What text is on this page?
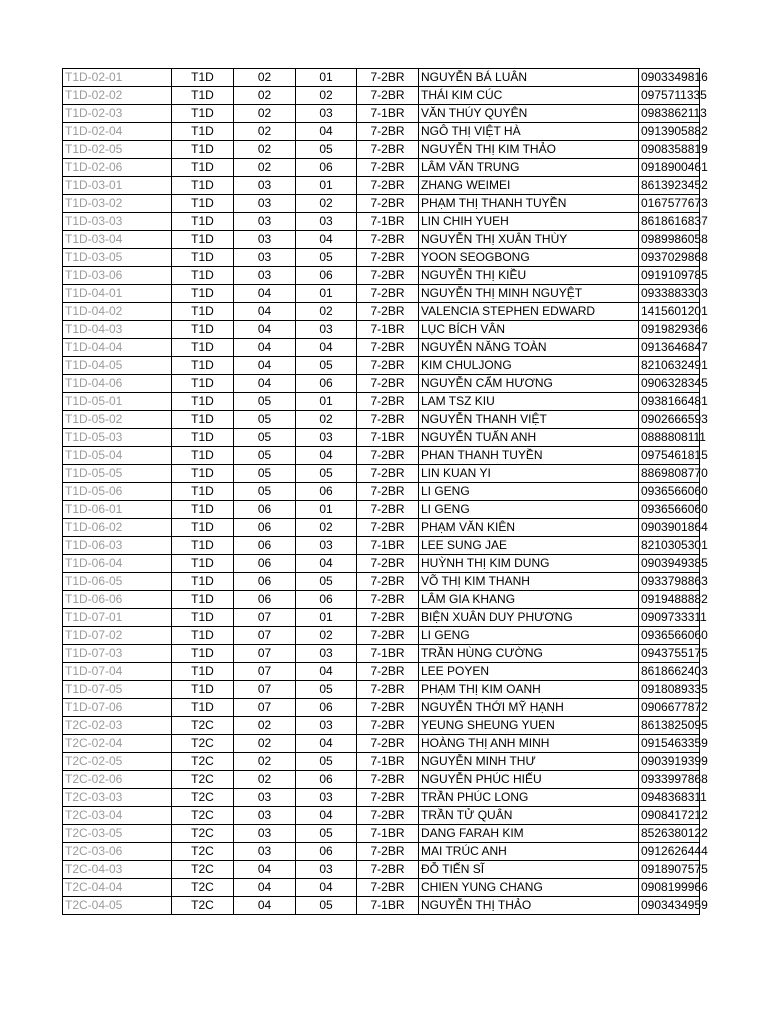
T1D-02-01	T1D	02	01	7-2BR	NGUYỄN BÁ LUÂN	0903349816
T1D-02-02	T1D	02	02	7-2BR	THÁI KIM CÚC	0975711335
T1D-02-03	T1D	02	03	7-1BR	VĂN THÚY QUYÊN	0983862113
T1D-02-04	T1D	02	04	7-2BR	NGÔ THỊ VIỆT HÀ	0913905882
T1D-02-05	T1D	02	05	7-2BR	NGUYỄN THỊ KIM THẢO	0908358819
T1D-02-06	T1D	02	06	7-2BR	LÂM VĂN TRUNG	0918900461
T1D-03-01	T1D	03	01	7-2BR	ZHANG WEIMEI	8613923452
T1D-03-02	T1D	03	02	7-2BR	PHẠM THỊ THANH TUYỀN	0167577673
T1D-03-03	T1D	03	03	7-1BR	LIN CHIH YUEH	8618616837
T1D-03-04	T1D	03	04	7-2BR	NGUYỄN THỊ XUÂN THÙY	0989986058
T1D-03-05	T1D	03	05	7-2BR	YOON SEOGBONG	0937029868
T1D-03-06	T1D	03	06	7-2BR	NGUYỄN THỊ KIỀU	0919109785
T1D-04-01	T1D	04	01	7-2BR	NGUYỄN THỊ MINH NGUYỆT	0933883303
T1D-04-02	T1D	04	02	7-2BR	VALENCIA STEPHEN EDWARD	1415601201
T1D-04-03	T1D	04	03	7-1BR	LỤC BÍCH VÂN	0919829366
T1D-04-04	T1D	04	04	7-2BR	NGUYỄN NĂNG TOÀN	0913646847
T1D-04-05	T1D	04	05	7-2BR	KIM CHULJONG	8210632491
T1D-04-06	T1D	04	06	7-2BR	NGUYỄN CẨM HƯƠNG	0906328345
T1D-05-01	T1D	05	01	7-2BR	LAM TSZ KIU	0938166481
T1D-05-02	T1D	05	02	7-2BR	NGUYỄN THANH VIỆT	0902666593
T1D-05-03	T1D	05	03	7-1BR	NGUYỄN TUẤN ANH	0888808111
T1D-05-04	T1D	05	04	7-2BR	PHAN THANH TUYỀN	0975461815
T1D-05-05	T1D	05	05	7-2BR	LIN KUAN YI	8869808770
T1D-05-06	T1D	05	06	7-2BR	LI GENG	0936566060
T1D-06-01	T1D	06	01	7-2BR	LI GENG	0936566060
T1D-06-02	T1D	06	02	7-2BR	PHẠM VĂN KIÊN	0903901864
T1D-06-03	T1D	06	03	7-1BR	LEE SUNG JAE	8210305301
T1D-06-04	T1D	06	04	7-2BR	HUỲNH THỊ KIM DUNG	0903949385
T1D-06-05	T1D	06	05	7-2BR	VÕ THỊ KIM THANH	0933798863
T1D-06-06	T1D	06	06	7-2BR	LÂM GIA KHANG	0919488882
T1D-07-01	T1D	07	01	7-2BR	BIỆN XUÂN DUY PHƯƠNG	0909733311
T1D-07-02	T1D	07	02	7-2BR	LI GENG	0936566060
T1D-07-03	T1D	07	03	7-1BR	TRẦN HÙNG CƯỜNG	0943755175
T1D-07-04	T1D	07	04	7-2BR	LEE POYEN	8618662403
T1D-07-05	T1D	07	05	7-2BR	PHẠM THỊ KIM OANH	0918089335
T1D-07-06	T1D	07	06	7-2BR	NGUYỄN THỚI MỸ HẠNH	0906677872
T2C-02-03	T2C	02	03	7-2BR	YEUNG SHEUNG YUEN	8613825095
T2C-02-04	T2C	02	04	7-2BR	HOÀNG THỊ ANH MINH	0915463359
T2C-02-05	T2C	02	05	7-1BR	NGUYỄN MINH THƯ	0903919399
T2C-02-06	T2C	02	06	7-2BR	NGUYỄN PHÚC HIẾU	0933997868
T2C-03-03	T2C	03	03	7-2BR	TRẦN PHÚC LONG	0948368311
T2C-03-04	T2C	03	04	7-2BR	TRẦN TỬ QUÂN	0908417212
T2C-03-05	T2C	03	05	7-1BR	DANG FARAH KIM	8526380122
T2C-03-06	T2C	03	06	7-2BR	MAI TRÚC ANH	0912626444
T2C-04-03	T2C	04	03	7-2BR	ĐỖ TIẾN SĨ	0918907575
T2C-04-04	T2C	04	04	7-2BR	CHIEN YUNG CHANG	0908199966
T2C-04-05	T2C	04	05	7-1BR	NGUYỄN THỊ THẢO	0903434959
